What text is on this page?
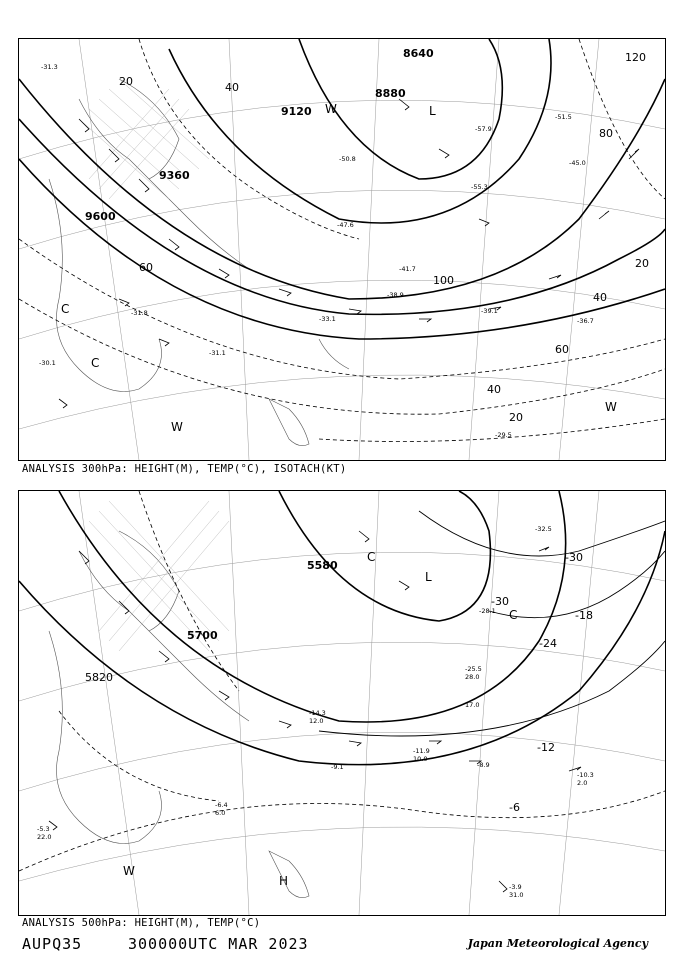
9600
9360
9120
8880
8640
20	40
60
80
100
120
20
40
60
40
20
-31.3
-31.8
-30.1
-31.1
-33.1
-38.9
-39.1
-36.7
-29.5
-41.7
-47.6
-50.8
-55.3
-57.9
-51.5
-45.0
C
C
W
W
W	L
ANALYSIS 300hPa: HEIGHT(M), TEMP(°C), ISOTACH(KT)
5820
5700
5580
-30
-24
-18
-12
-6
-30
-11.9
-8.9
-10.3
-3.9
-5.3
-6.4
-9.1
-14.3
-25.5
-28.1
-32.5
10.0
2.0
31.0
22.0
6.0
12.0
28.0
17.0
C
L
W
H
C
ANALYSIS 500hPa: HEIGHT(M), TEMP(°C)
AUPQ35	300000UTC MAR 2023	Japan Meteorological Agency
